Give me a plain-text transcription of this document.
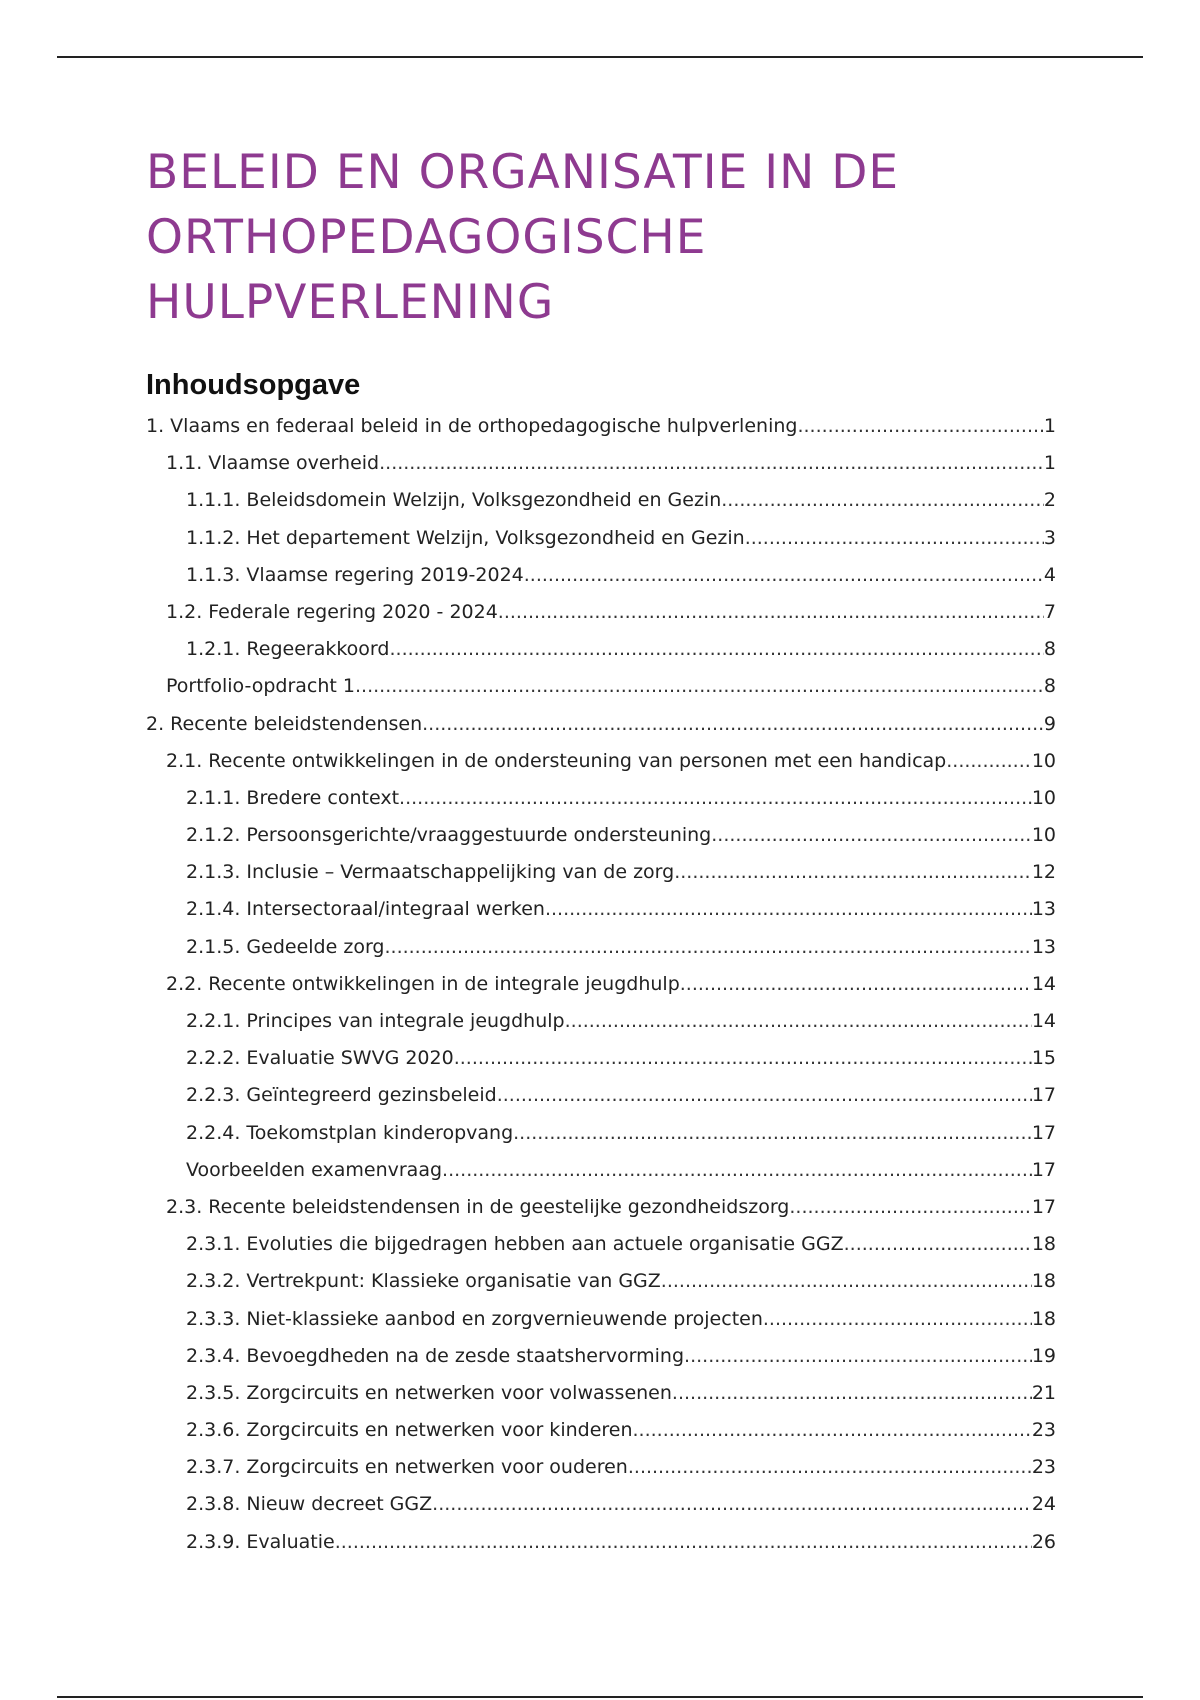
BELEID EN ORGANISATIE IN DE ORTHOPEDAGOGISCHE HULPVERLENING
Inhoudsopgave
1. Vlaams en federaal beleid in de orthopedagogische hulpverlening .....	1
1.1. Vlaamse overheid .....	1
1.1.1. Beleidsdomein Welzijn, Volksgezondheid en Gezin .....	2
1.1.2. Het departement Welzijn, Volksgezondheid en Gezin .....	3
1.1.3. Vlaamse regering 2019-2024 .....	4
1.2. Federale regering 2020 - 2024 .....	7
1.2.1. Regeerakkoord .....	8
Portfolio-opdracht 1 .....	8
2. Recente beleidstendensen .....	9
2.1. Recente ontwikkelingen in de ondersteuning van personen met een handicap .....	10
2.1.1. Bredere context .....	10
2.1.2. Persoonsgerichte/vraaggestuurde ondersteuning .....	10
2.1.3. Inclusie – Vermaatschappelijking van de zorg .....	12
2.1.4. Intersectoraal/integraal werken .....	13
2.1.5. Gedeelde zorg .....	13
2.2. Recente ontwikkelingen in de integrale jeugdhulp .....	14
2.2.1. Principes van integrale jeugdhulp .....	14
2.2.2. Evaluatie SWVG 2020 .....	15
2.2.3. Geïntegreerd gezinsbeleid .....	17
2.2.4. Toekomstplan kinderopvang .....	17
Voorbeelden examenvraag .....	17
2.3. Recente beleidstendensen in de geestelijke gezondheidszorg .....	17
2.3.1. Evoluties die bijgedragen hebben aan actuele organisatie GGZ .....	18
2.3.2. Vertrekpunt: Klassieke organisatie van GGZ .....	18
2.3.3. Niet-klassieke aanbod en zorgvernieuwende projecten .....	18
2.3.4. Bevoegdheden na de zesde staatshervorming .....	19
2.3.5. Zorgcircuits en netwerken voor volwassenen .....	21
2.3.6. Zorgcircuits en netwerken voor kinderen .....	23
2.3.7. Zorgcircuits en netwerken voor ouderen .....	23
2.3.8. Nieuw decreet GGZ .....	24
2.3.9. Evaluatie .....	26
